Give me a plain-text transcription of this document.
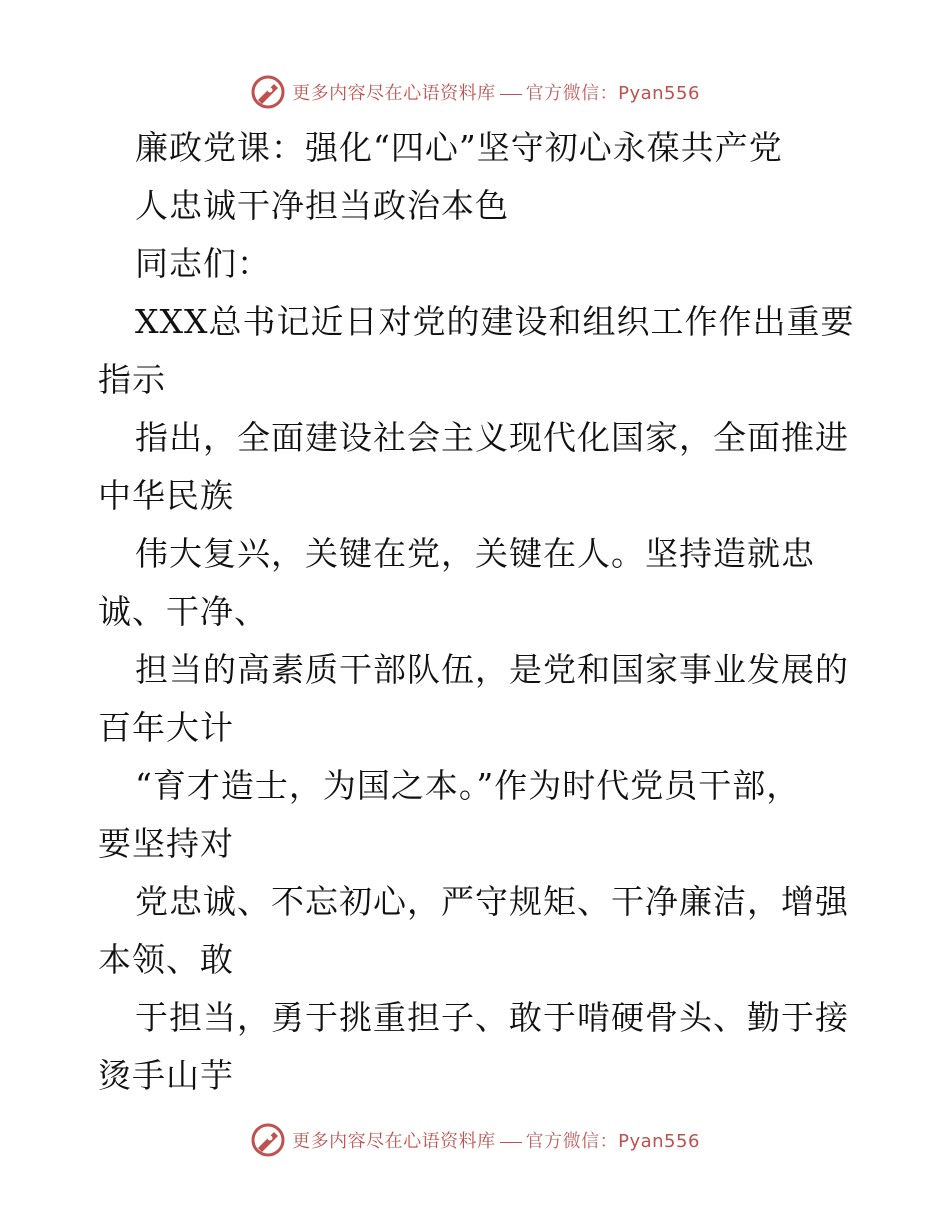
更多内容尽在心语资料库 官方微信：Pyan556
廉政党课：强化“四心”坚守初心永葆共产党
人忠诚干净担当政治本色
同志们：
XXX总书记近日对党的建设和组织工作作出重要
指示
指出，全面建设社会主义现代化国家，全面推进
中华民族
伟大复兴，关键在党，关键在人。坚持造就忠
诚、干净、
担当的高素质干部队伍，是党和国家事业发展的
百年大计
“育才造士，为国之本。”作为时代党员干部，
要坚持对
党忠诚、不忘初心，严守规矩、干净廉洁，增强
本领、敢
于担当，勇于挑重担子、敢于啃硬骨头、勤于接
烫手山芋
更多内容尽在心语资料库 官方微信：Pyan556
